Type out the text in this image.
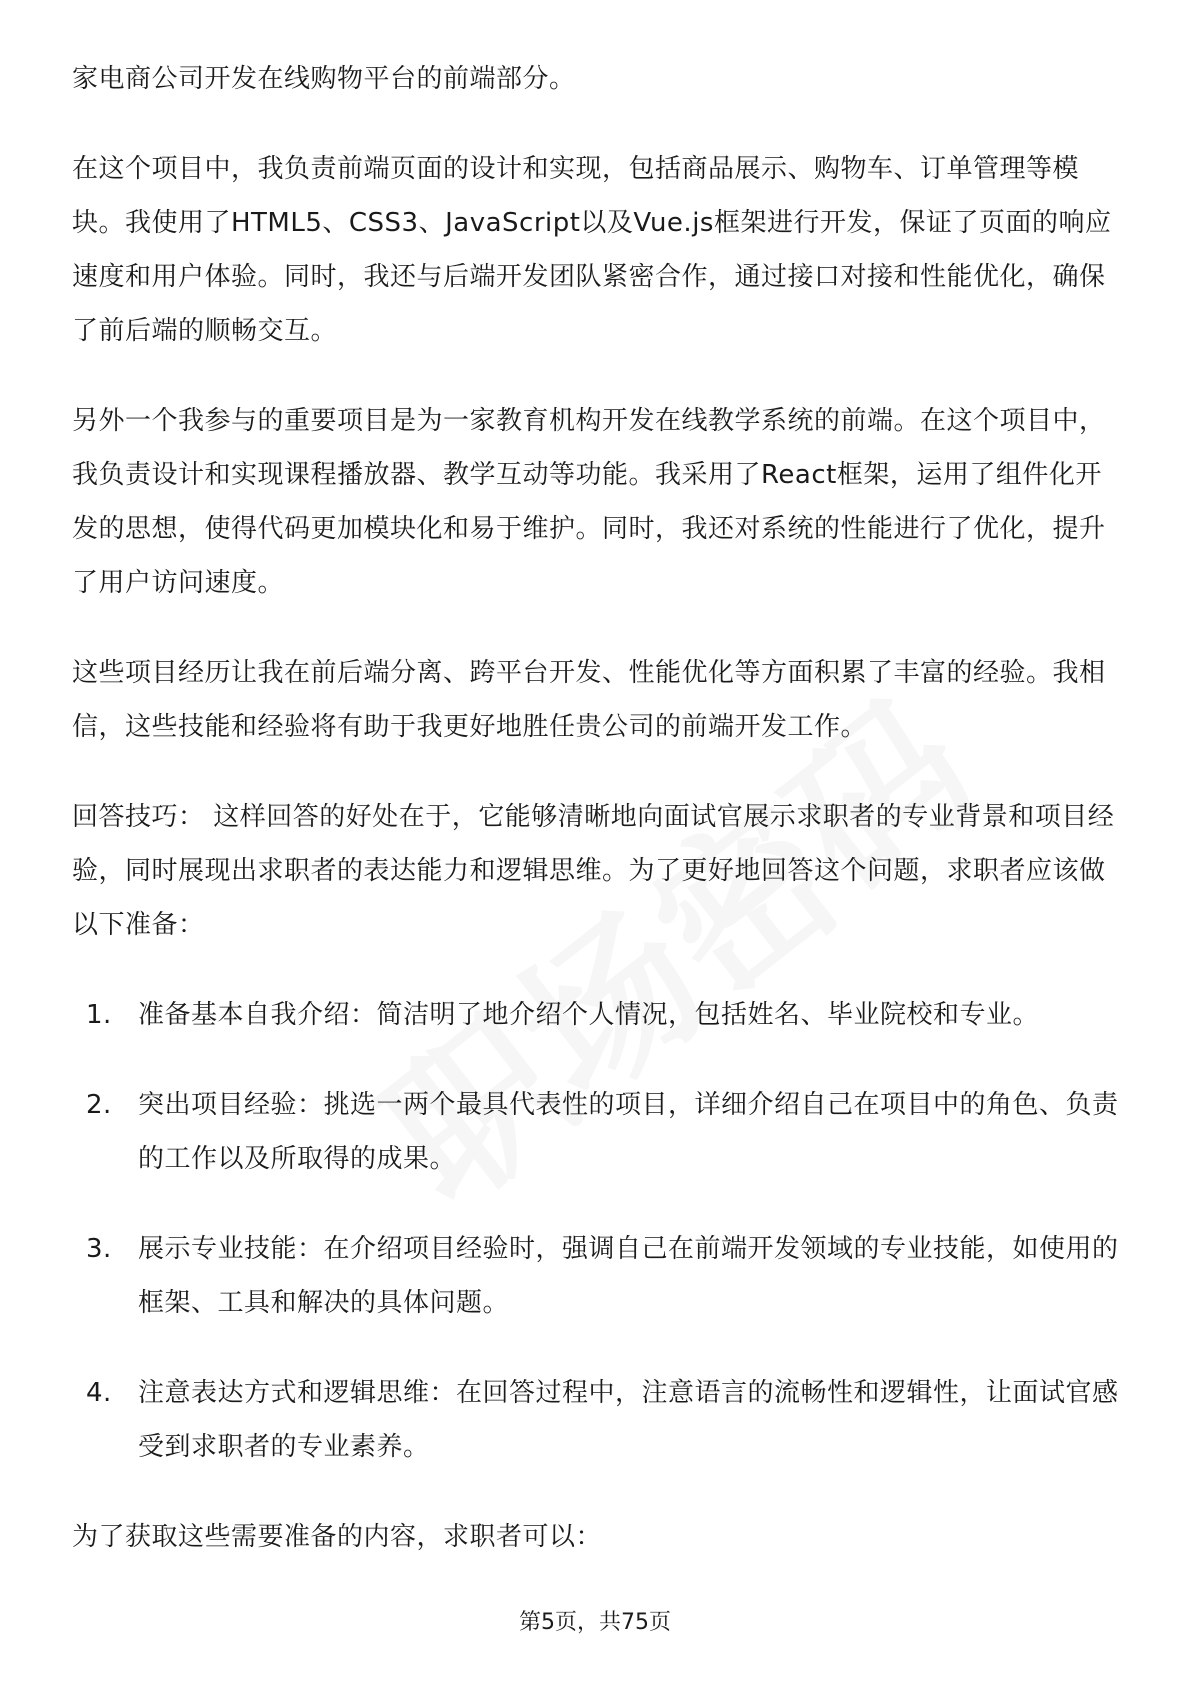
家电商公司开发在线购物平台的前端部分。

在这个项目中，我负责前端页面的设计和实现，包括商品展示、购物车、订单管理等模块。我使用了HTML5、CSS3、JavaScript以及Vue.js框架进行开发，保证了页面的响应速度和用户体验。同时，我还与后端开发团队紧密合作，通过接口对接和性能优化，确保了前后端的顺畅交互。

另外一个我参与的重要项目是为一家教育机构开发在线教学系统的前端。在这个项目中，我负责设计和实现课程播放器、教学互动等功能。我采用了React框架，运用了组件化开发的思想，使得代码更加模块化和易于维护。同时，我还对系统的性能进行了优化，提升了用户访问速度。

这些项目经历让我在前后端分离、跨平台开发、性能优化等方面积累了丰富的经验。我相信，这些技能和经验将有助于我更好地胜任贵公司的前端开发工作。

回答技巧： 这样回答的好处在于，它能够清晰地向面试官展示求职者的专业背景和项目经验，同时展现出求职者的表达能力和逻辑思维。为了更好地回答这个问题，求职者应该做以下准备：

1. 准备基本自我介绍：简洁明了地介绍个人情况，包括姓名、毕业院校和专业。
2. 突出项目经验：挑选一两个最具代表性的项目，详细介绍自己在项目中的角色、负责的工作以及所取得的成果。
3. 展示专业技能：在介绍项目经验时，强调自己在前端开发领域的专业技能，如使用的框架、工具和解决的具体问题。
4. 注意表达方式和逻辑思维：在回答过程中，注意语言的流畅性和逻辑性，让面试官感受到求职者的专业素养。

为了获取这些需要准备的内容，求职者可以：

第5页，共75页
